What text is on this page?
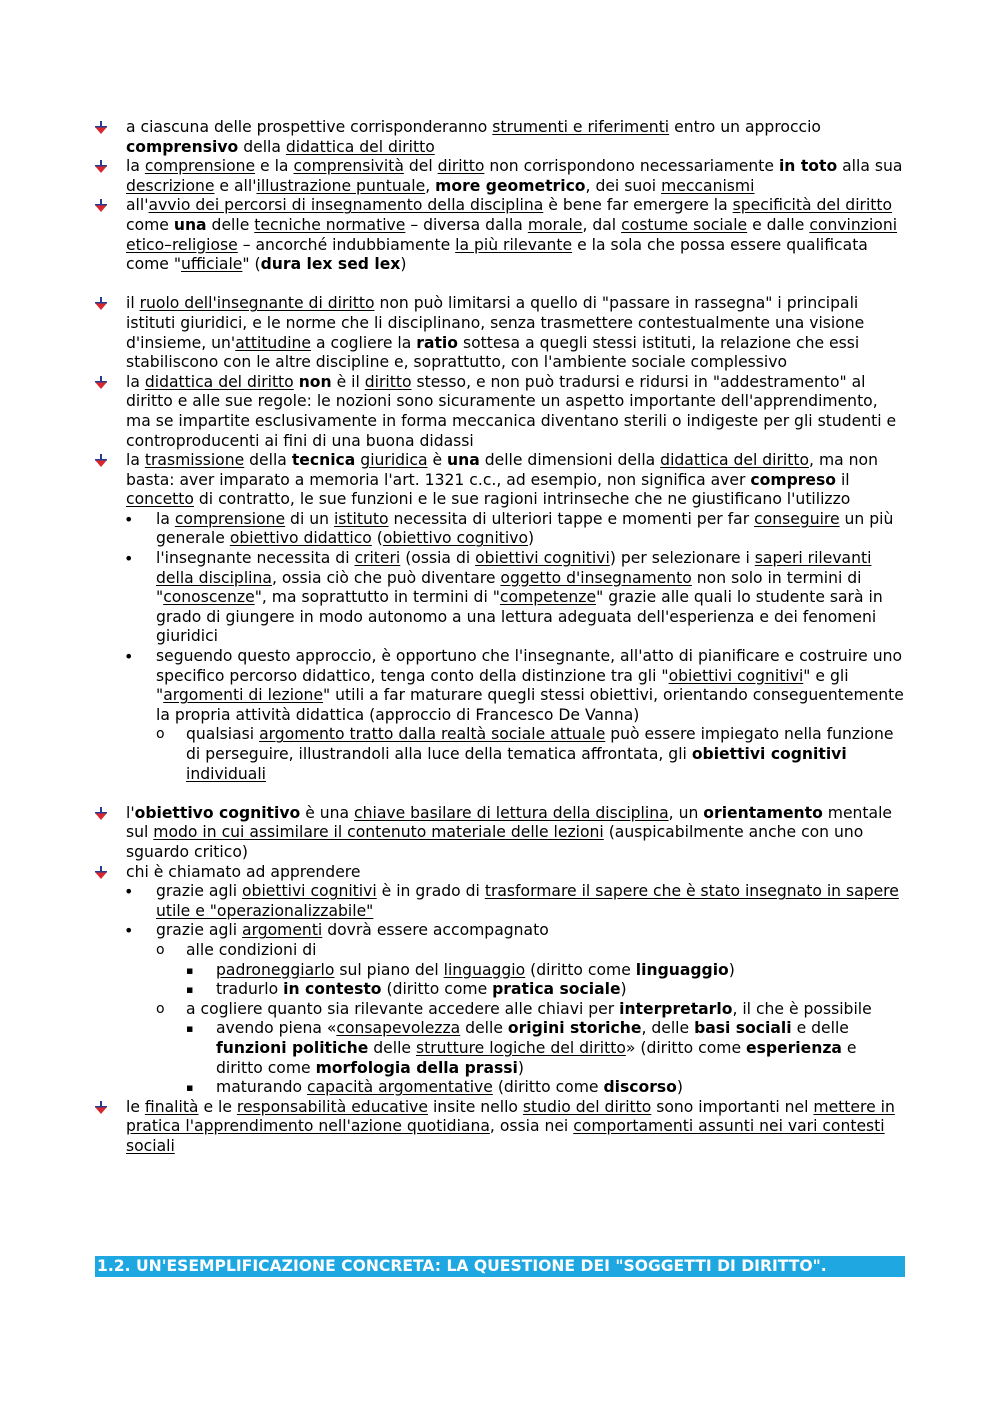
a ciascuna delle prospettive corrisponderanno strumenti e riferimenti entro un approccio comprensivo della didattica del diritto
la comprensione e la comprensività del diritto non corrispondono necessariamente in toto alla sua descrizione e all'illustrazione puntuale, more geometrico, dei suoi meccanismi
all'avvio dei percorsi di insegnamento della disciplina è bene far emergere la specificità del diritto come una delle tecniche normative – diversa dalla morale, dal costume sociale e dalle convinzioni etico–religiose – ancorché indubbiamente la più rilevante e la sola che possa essere qualificata come "ufficiale" (dura lex sed lex)
il ruolo dell'insegnante di diritto non può limitarsi a quello di "passare in rassegna" i principali istituti giuridici, e le norme che li disciplinano, senza trasmettere contestualmente una visione d'insieme, un'attitudine a cogliere la ratio sottesa a quegli stessi istituti, la relazione che essi stabiliscono con le altre discipline e, soprattutto, con l'ambiente sociale complessivo
la didattica del diritto non è il diritto stesso, e non può tradursi e ridursi in "addestramento" al diritto e alle sue regole: le nozioni sono sicuramente un aspetto importante dell'apprendimento, ma se impartite esclusivamente in forma meccanica diventano sterili o indigeste per gli studenti e controproducenti ai fini di una buona didassi
la trasmissione della tecnica giuridica è una delle dimensioni della didattica del diritto, ma non basta: aver imparato a memoria l'art. 1321 c.c., ad esempio, non significa aver compreso il concetto di contratto, le sue funzioni e le sue ragioni intrinseche che ne giustificano l'utilizzo
• la comprensione di un istituto necessita di ulteriori tappe e momenti per far conseguire un più generale obiettivo didattico (obiettivo cognitivo)
• l'insegnante necessita di criteri (ossia di obiettivi cognitivi) per selezionare i saperi rilevanti della disciplina, ossia ciò che può diventare oggetto d'insegnamento non solo in termini di "conoscenze", ma soprattutto in termini di "competenze" grazie alle quali lo studente sarà in grado di giungere in modo autonomo a una lettura adeguata dell'esperienza e dei fenomeni giuridici
• seguendo questo approccio, è opportuno che l'insegnante, all'atto di pianificare e costruire uno specifico percorso didattico, tenga conto della distinzione tra gli "obiettivi cognitivi" e gli "argomenti di lezione" utili a far maturare quegli stessi obiettivi, orientando conseguentemente la propria attività didattica (approccio di Francesco De Vanna)
o qualsiasi argomento tratto dalla realtà sociale attuale può essere impiegato nella funzione di perseguire, illustrandoli alla luce della tematica affrontata, gli obiettivi cognitivi individuali
l'obiettivo cognitivo è una chiave basilare di lettura della disciplina, un orientamento mentale sul modo in cui assimilare il contenuto materiale delle lezioni (auspicabilmente anche con uno sguardo critico)
chi è chiamato ad apprendere
• grazie agli obiettivi cognitivi è in grado di trasformare il sapere che è stato insegnato in sapere utile e "operazionalizzabile"
• grazie agli argomenti dovrà essere accompagnato
o alle condizioni di
▪ padroneggiarlo sul piano del linguaggio (diritto come linguaggio)
▪ tradurlo in contesto (diritto come pratica sociale)
o a cogliere quanto sia rilevante accedere alle chiavi per interpretarlo, il che è possibile
▪ avendo piena «consapevolezza delle origini storiche, delle basi sociali e delle funzioni politiche delle strutture logiche del diritto» (diritto come esperienza e diritto come morfologia della prassi)
▪ maturando capacità argomentative (diritto come discorso)
le finalità e le responsabilità educative insite nello studio del diritto sono importanti nel mettere in pratica l'apprendimento nell'azione quotidiana, ossia nei comportamenti assunti nei vari contesti sociali
1.2. UN'ESEMPLIFICAZIONE CONCRETA: LA QUESTIONE DEI "SOGGETTI DI DIRITTO".
